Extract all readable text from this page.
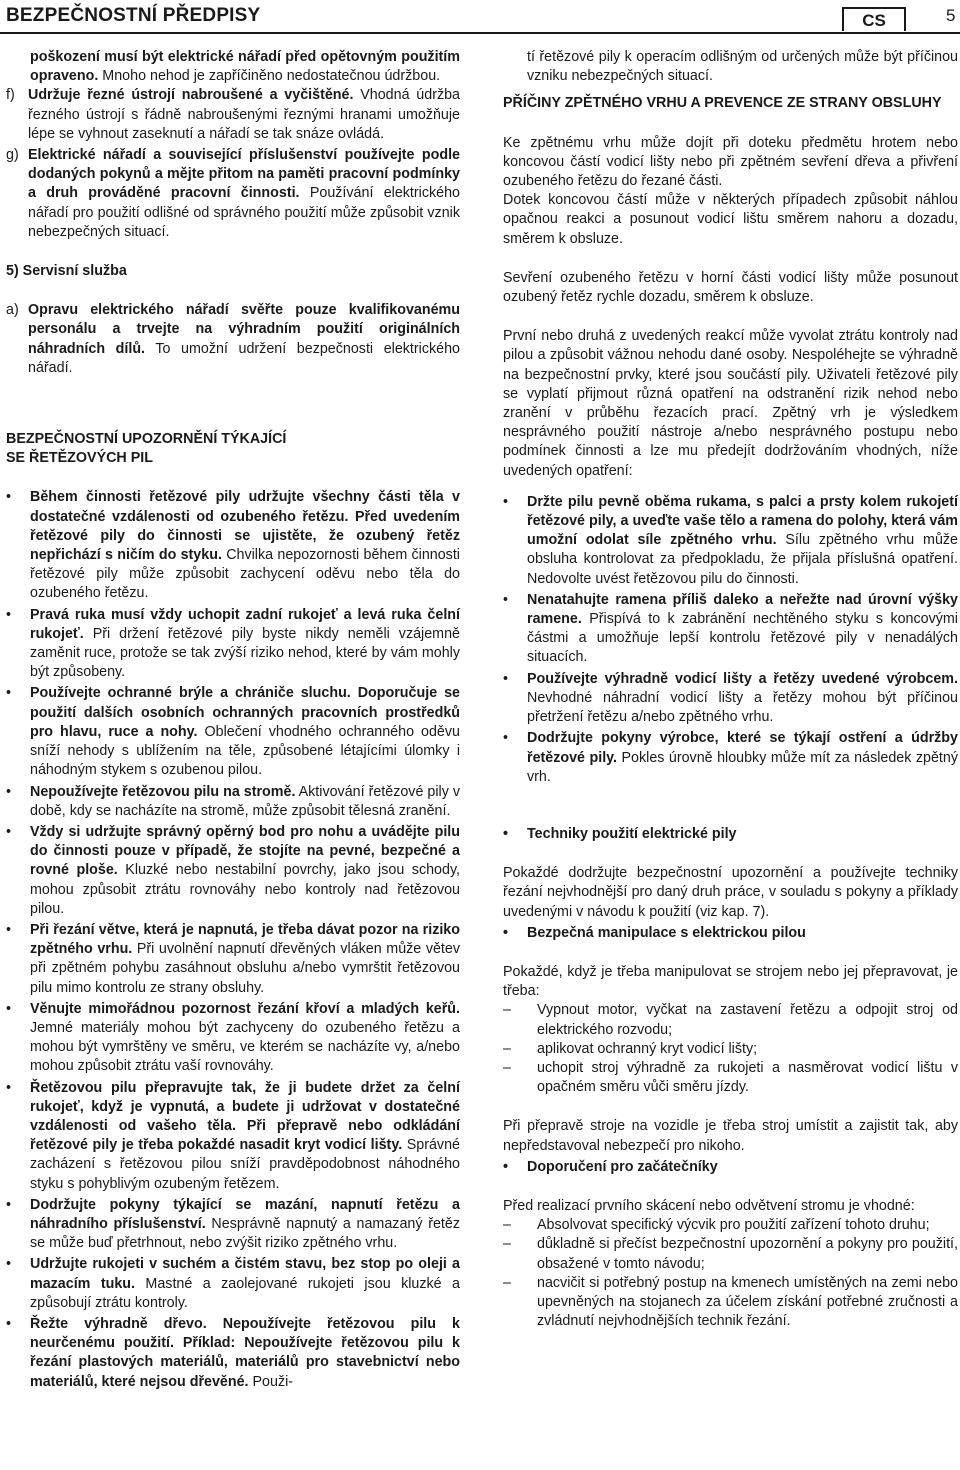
BEZPEČNOSTNÍ PŘEDPISY	CS	5

poškození musí být elektrické nářadí před opětovným použitím opraveno. Mnoho nehod je zapříčiněno nedostatečnou údržbou.

f) Udržuje řezné ústrojí nabroušené a vyčištěné. Vhodná údržba řezného ústrojí s řádně nabroušenými řeznými hranami umožňuje lépe se vyhnout zaseknutí a nářadí se tak snáze ovládá.
g) Elektrické nářadí a související příslušenství používejte podle dodaných pokynů a mějte přitom na paměti pracovní podmínky a druh prováděné pracovní činnosti. Používání elektrického nářadí pro použití odlišné od správného použití může způsobit vznik nebezpečných situací.

5) Servisní služba

a) Opravu elektrického nářadí svěřte pouze kvalifikovanému personálu a trvejte na výhradním použití originálních náhradních dílů. To umožní udržení bezpečnosti elektrického nářadí.

BEZPEČNOSTNÍ UPOZORNĚNÍ TÝKAJÍCÍ
SE ŘETĚZOVÝCH PIL

• Během činnosti řetězové pily udržujte všechny části těla v dostatečné vzdálenosti od ozubeného řetězu. Před uvedením řetězové pily do činnosti se ujistěte, že ozubený řetěz nepřichází s ničím do styku. Chvilka nepozornosti během činnosti řetězové pily může způsobit zachycení oděvu nebo těla do ozubeného řetězu.
• Pravá ruka musí vždy uchopit zadní rukojeť a levá ruka čelní rukojeť. Při držení řetězové pily byste nikdy neměli vzájemně zaměnit ruce, protože se tak zvýší riziko nehod, které by vám mohly být způsobeny.
• Používejte ochranné brýle a chrániče sluchu. Doporučuje se použití dalších osobních ochranných pracovních prostředků pro hlavu, ruce a nohy. Oblečení vhodného ochranného oděvu sníží nehody s ublížením na těle, způsobené létajícími úlomky i náhodným stykem s ozubenou pilou.
• Nepoužívejte řetězovou pilu na stromě. Aktivování řetězové pily v době, kdy se nacházíte na stromě, může způsobit tělesná zranění.
• Vždy si udržujte správný opěrný bod pro nohu a uvádějte pilu do činnosti pouze v případě, že stojíte na pevné, bezpečné a rovné ploše. Kluzké nebo nestabilní povrchy, jako jsou schody, mohou způsobit ztrátu rovnováhy nebo kontroly nad řetězovou pilou.
• Při řezání větve, která je napnutá, je třeba dávat pozor na riziko zpětného vrhu. Při uvolnění napnutí dřevěných vláken může větev při zpětném pohybu zasáhnout obsluhu a/nebo vymrštit řetězovou pilu mimo kontrolu ze strany obsluhy.
• Věnujte mimořádnou pozornost řezání křoví a mladých keřů. Jemné materiály mohou být zachyceny do ozubeného řetězu a mohou být vymrštěny ve směru, ve kterém se nacházíte vy, a/nebo mohou způsobit ztrátu vaší rovnováhy.
• Řetězovou pilu přepravujte tak, že ji budete držet za čelní rukojeť, když je vypnutá, a budete ji udržovat v dostatečné vzdálenosti od vašeho těla. Při přepravě nebo odkládání řetězové pily je třeba pokaždé nasadit kryt vodicí lišty. Správné zacházení s řetězovou pilou sníží pravděpodobnost náhodného styku s pohyblivým ozubeným řetězem.
• Dodržujte pokyny týkající se mazání, napnutí řetězu a náhradního příslušenství. Nesprávně napnutý a namazaný řetěz se může buď přetrhnout, nebo zvýšit riziko zpětného vrhu.
• Udržujte rukojeti v suchém a čistém stavu, bez stop po oleji a mazacím tuku. Mastné a zaolejované rukojeti jsou kluzké a způsobují ztrátu kontroly.
• Řežte výhradně dřevo. Nepoužívejte řetězovou pilu k neurčenému použití. Příklad: Nepoužívejte řetězovou pilu k řezání plastových materiálů, materiálů pro stavebnictví nebo materiálů, které nejsou dřevěné. Použi-

tí řetězové pily k operacím odlišným od určených může být příčinou vzniku nebezpečných situací.

PŘÍČINY ZPĚTNÉHO VRHU A PREVENCE ZE STRANY OBSLUHY

Ke zpětnému vrhu může dojít při doteku předmětu hrotem nebo koncovou částí vodicí lišty nebo při zpětném sevření dřeva a přivření ozubeného řetězu do řezané části.
Dotek koncovou částí může v některých případech způsobit náhlou opačnou reakci a posunout vodicí lištu směrem nahoru a dozadu, směrem k obsluze.

Sevření ozubeného řetězu v horní části vodicí lišty může posunout ozubený řetěz rychle dozadu, směrem k obsluze.

První nebo druhá z uvedených reakcí může vyvolat ztrátu kontroly nad pilou a způsobit vážnou nehodu dané osoby. Nespoléhejte se výhradně na bezpečnostní prvky, které jsou součástí pily. Uživateli řetězové pily se vyplatí přijmout různá opatření na odstranění rizik nehod nebo zranění v průběhu řezacích prací. Zpětný vrh je výsledkem nesprávného použití nástroje a/nebo nesprávného postupu nebo podmínek činnosti a lze mu předejít dodržováním vhodných, níže uvedených opatření:

• Držte pilu pevně oběma rukama, s palci a prsty kolem rukojetí řetězové pily, a uveďte vaše tělo a ramena do polohy, která vám umožní odolat síle zpětného vrhu. Sílu zpětného vrhu může obsluha kontrolovat za předpokladu, že přijala příslušná opatření. Nedovolte uvést řetězovou pilu do činnosti.
• Nenatahujte ramena příliš daleko a neřežte nad úrovní výšky ramene. Přispívá to k zabránění nechtěného styku s koncovými částmi a umožňuje lepší kontrolu řetězové pily v nenadálých situacích.
• Používejte výhradně vodicí lišty a řetězy uvedené výrobcem. Nevhodné náhradní vodicí lišty a řetězy mohou být příčinou přetržení řetězu a/nebo zpětného vrhu.
• Dodržujte pokyny výrobce, které se týkají ostření a údržby řetězové pily. Pokles úrovně hloubky může mít za následek zpětný vrh.
• Techniky použití elektrické pily

Pokaždé dodržujte bezpečnostní upozornění a používejte techniky řezání nejvhodnější pro daný druh práce, v souladu s pokyny a příklady uvedenými v návodu k použití (viz kap. 7).

• Bezpečná manipulace s elektrickou pilou

Pokaždé, když je třeba manipulovat se strojem nebo jej přepravovat, je třeba:

– Vypnout motor, vyčkat na zastavení řetězu a odpojit stroj od elektrického rozvodu;
– aplikovat ochranný kryt vodicí lišty;
– uchopit stroj výhradně za rukojeti a nasměrovat vodicí lištu v opačném směru vůči směru jízdy.

Při přepravě stroje na vozidle je třeba stroj umístit a zajistit tak, aby nepředstavoval nebezpečí pro nikoho.

• Doporučení pro začátečníky

Před realizací prvního skácení nebo odvětvení stromu je vhodné:

– Absolvovat specifický výcvik pro použití zařízení tohoto druhu;
– důkladně si přečíst bezpečnostní upozornění a pokyny pro použití, obsažené v tomto návodu;
– nacvičit si potřebný postup na kmenech umístěných na zemi nebo upevněných na stojanech za účelem získání potřebné zručnosti a zvládnutí nejvhodnějších technik řezání.
